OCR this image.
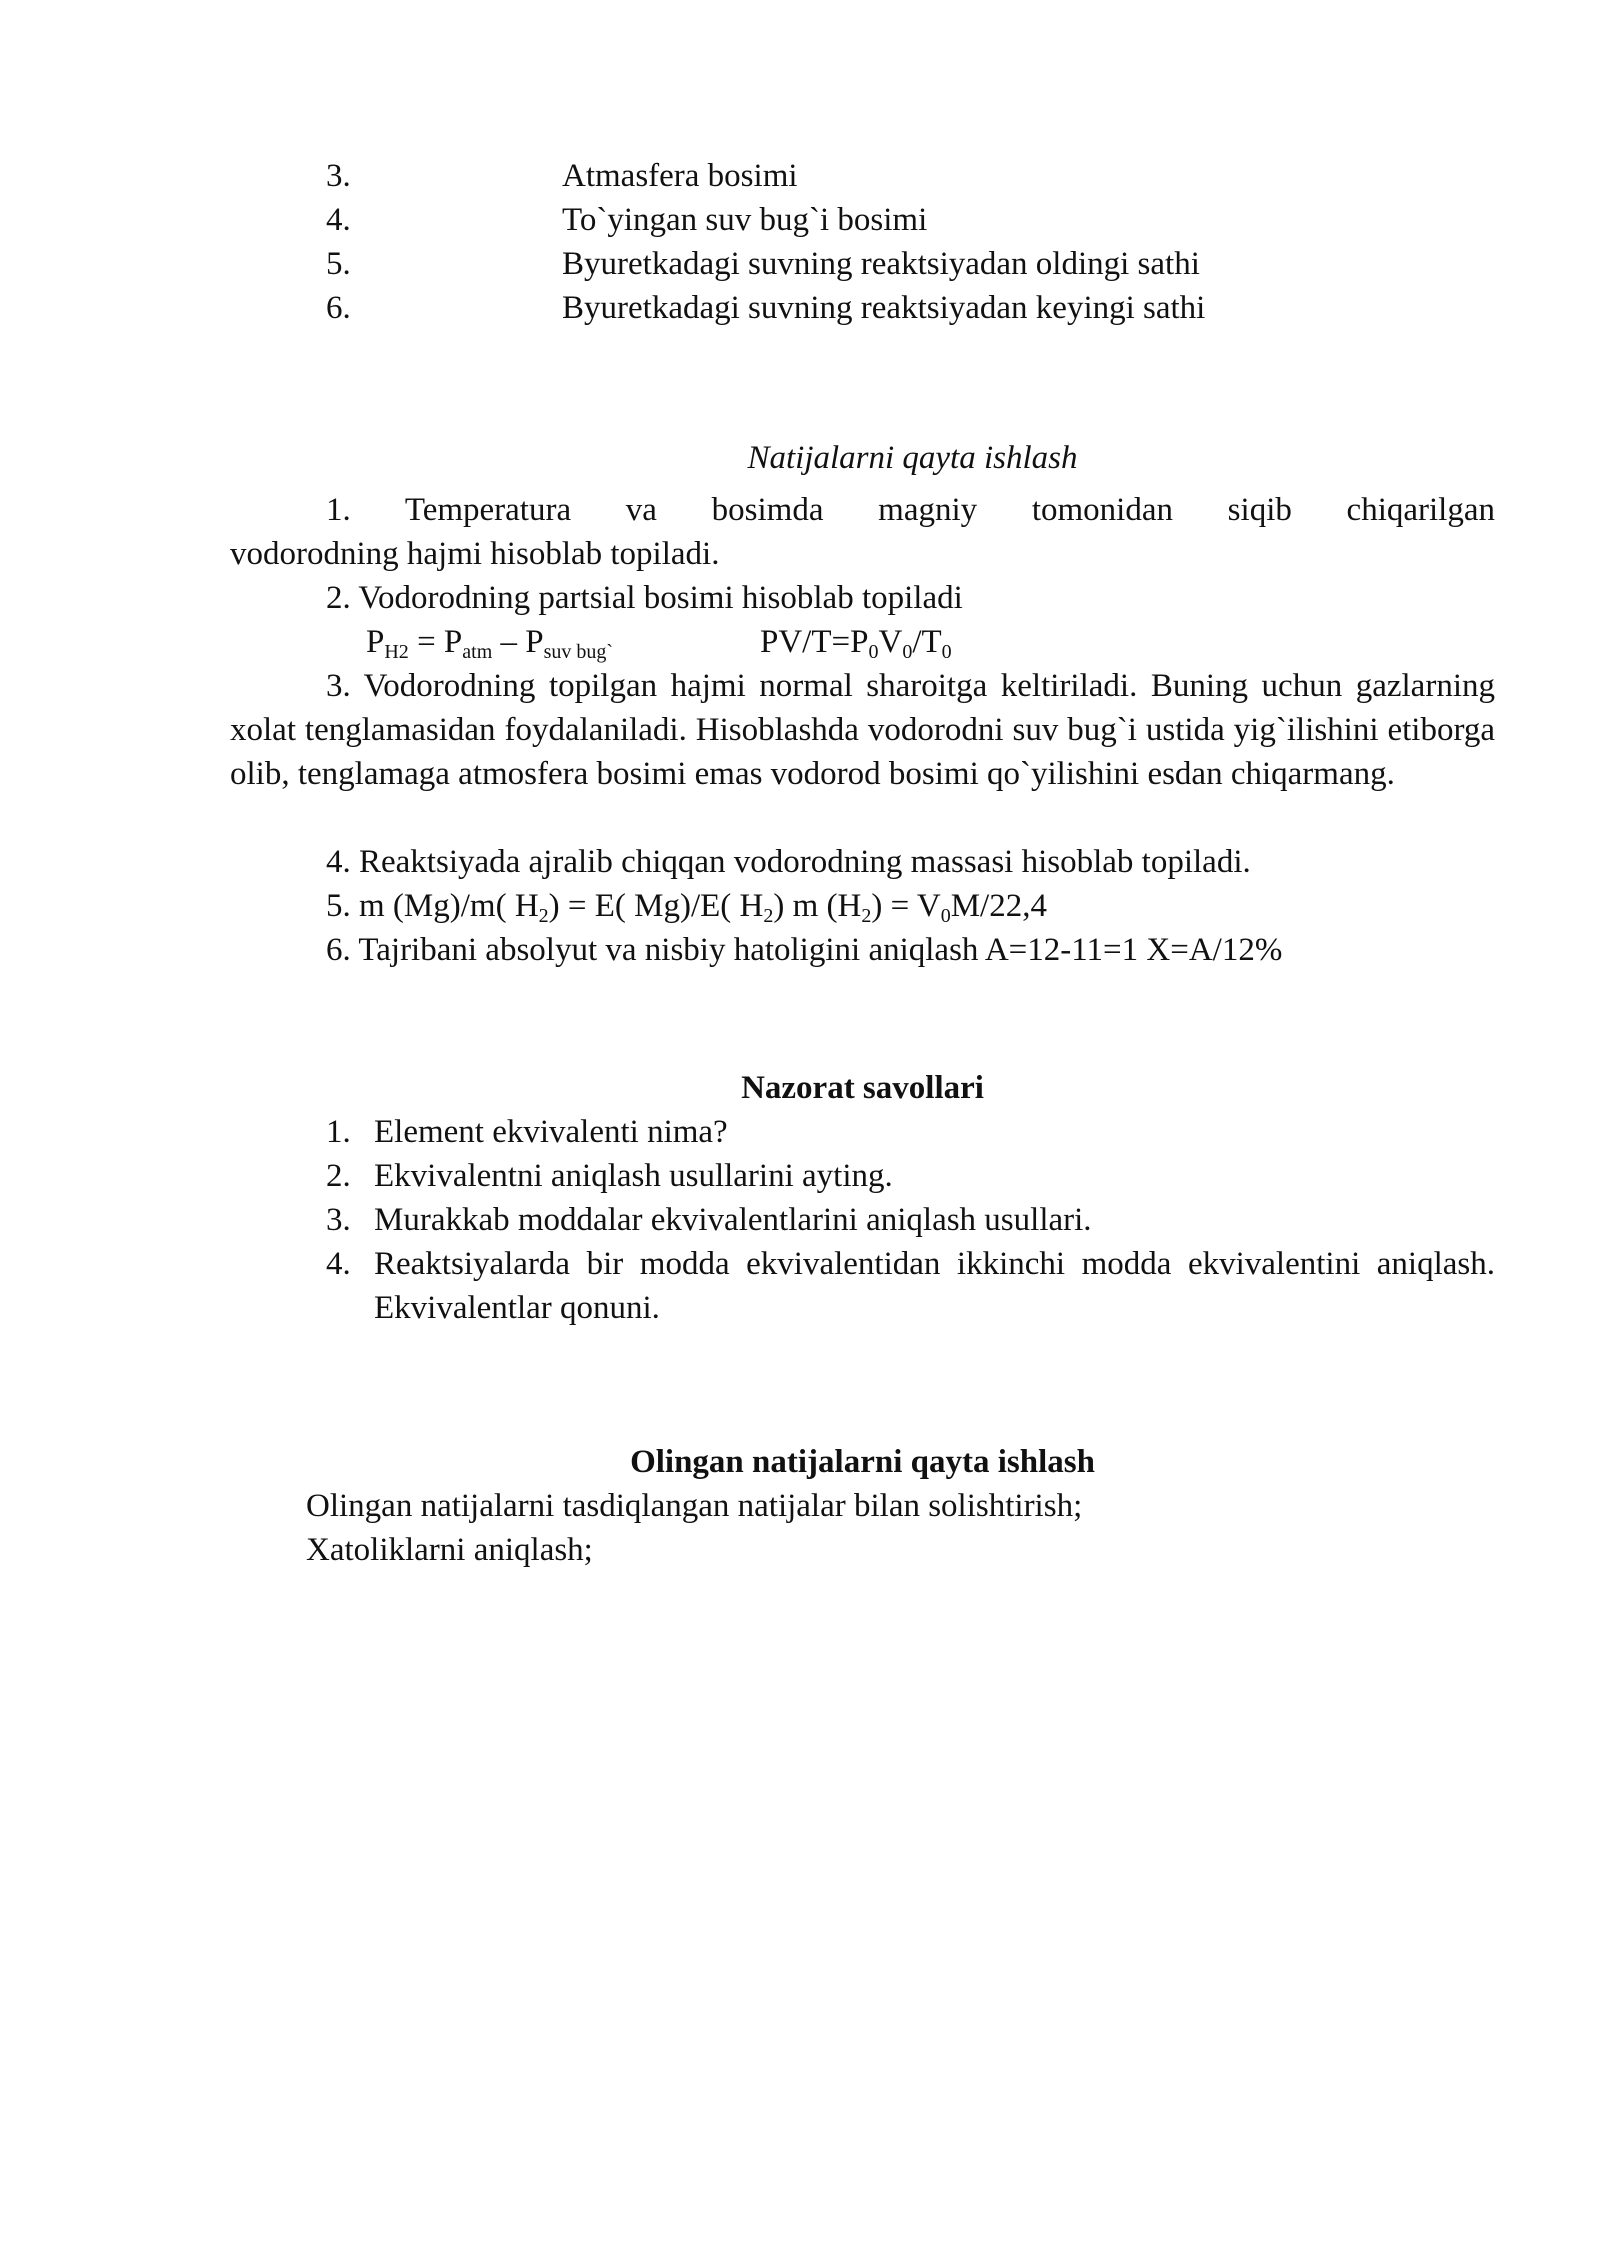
3.	Atmasfera bosimi
4.	To`yingan suv bug`i bosimi
5.	Byuretkadagi suvning reaktsiyadan oldingi sathi
6.	Byuretkadagi suvning reaktsiyadan keyingi sathi
Natijalarni qayta ishlash
1. Temperatura va bosimda magniy tomonidan siqib chiqarilgan
vodorodning hajmi hisoblab topiladi.
2. Vodorodning partsial bosimi hisoblab topiladi
$P_{H2} = P_{atm} - P_{suv bug`}$	$PV/T=P_0V_0/T_0$
3. Vodorodning topilgan hajmi normal sharoitga keltiriladi. Buning uchun gazlarning xolat tenglamasidan foydalaniladi. Hisoblashda vodorodni suv bug`i ustida yig`ilishini etiborga olib, tenglamaga atmosfera bosimi emas vodorod bosimi qo`yilishini esdan chiqarmang.
4. Reaktsiyada ajralib chiqqan vodorodning massasi hisoblab topiladi.
5. m (Mg)/m( $H_2) = E$( Mg)/E( $H_2$) m $(H_2) = V_0M/22,4$
6. Tajribani absolyut va nisbiy hatoligini aniqlash A=12-11=1 X=A/12%
Nazorat savollari
1. Element ekvivalenti nima?
2. Ekvivalentni aniqlash usullarini ayting.
3. Murakkab moddalar ekvivalentlarini aniqlash usullari.
4. Reaktsiyalarda bir modda ekvivalentidan ikkinchi modda ekvivalentini aniqlash. Ekvivalentlar qonuni.
Olingan natijalarni qayta ishlash
Olingan natijalarni tasdiqlangan natijalar bilan solishtirish;
Xatoliklarni aniqlash;
